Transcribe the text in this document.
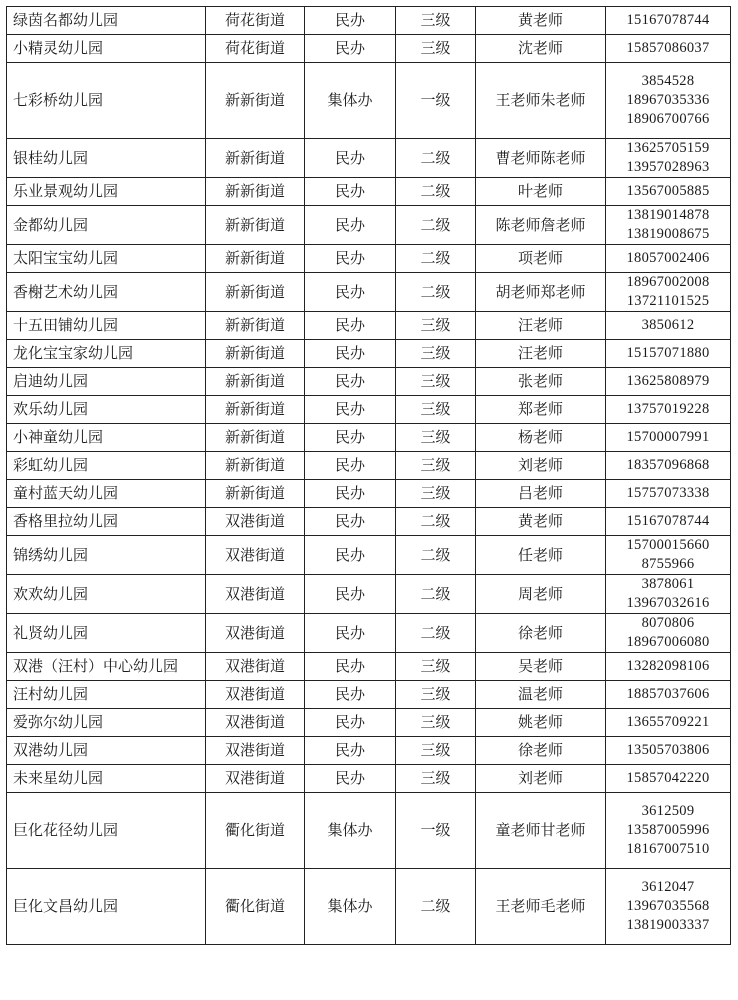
绿茵名都幼儿园	荷花街道	民办	三级	黄老师	15167078744

小精灵幼儿园	荷花街道	民办	三级	沈老师	15857086037

七彩桥幼儿园	新新街道	集体办	一级	王老师朱老师	3854528
18967035336
18906700766

银桂幼儿园	新新街道	民办	二级	曹老师陈老师	13625705159
13957028963

乐业景观幼儿园	新新街道	民办	二级	叶老师	13567005885

金都幼儿园	新新街道	民办	二级	陈老师詹老师	13819014878
13819008675

太阳宝宝幼儿园	新新街道	民办	二级	项老师	18057002406

香榭艺术幼儿园	新新街道	民办	二级	胡老师郑老师	18967002008
13721101525

十五田铺幼儿园	新新街道	民办	三级	汪老师	3850612

龙化宝宝家幼儿园	新新街道	民办	三级	汪老师	15157071880

启迪幼儿园	新新街道	民办	三级	张老师	13625808979

欢乐幼儿园	新新街道	民办	三级	郑老师	13757019228

小神童幼儿园	新新街道	民办	三级	杨老师	15700007991

彩虹幼儿园	新新街道	民办	三级	刘老师	18357096868

童村蓝天幼儿园	新新街道	民办	三级	吕老师	15757073338

香格里拉幼儿园	双港街道	民办	二级	黄老师	15167078744

锦绣幼儿园	双港街道	民办	二级	任老师	15700015660
8755966

欢欢幼儿园	双港街道	民办	二级	周老师	3878061
13967032616

礼贤幼儿园	双港街道	民办	二级	徐老师	8070806
18967006080

双港（汪村）中心幼儿园	双港街道	民办	三级	吴老师	13282098106

汪村幼儿园	双港街道	民办	三级	温老师	18857037606

爱弥尔幼儿园	双港街道	民办	三级	姚老师	13655709221

双港幼儿园	双港街道	民办	三级	徐老师	13505703806

未来星幼儿园	双港街道	民办	三级	刘老师	15857042220

巨化花径幼儿园	衢化街道	集体办	一级	童老师甘老师	3612509
13587005996
18167007510

巨化文昌幼儿园	衢化街道	集体办	二级	王老师毛老师	3612047
13967035568
13819003337
